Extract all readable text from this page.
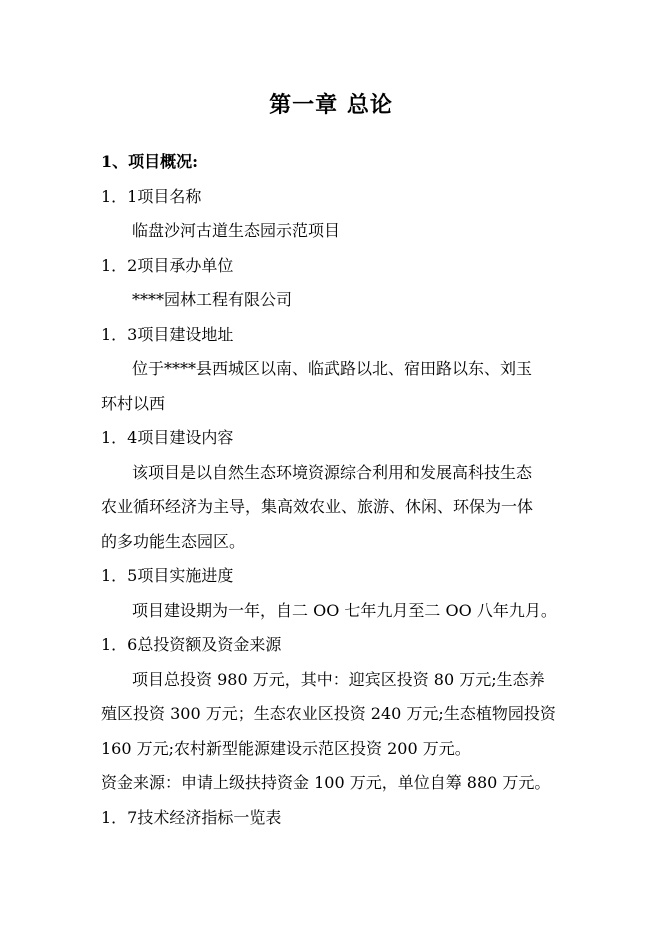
第一章 总论
1、项目概况:
1．1项目名称
临盘沙河古道生态园示范项目
1．2项目承办单位
****园林工程有限公司
1．3项目建设地址
位于****县西城区以南、临武路以北、宿田路以东、刘玉
环村以西
1．4项目建设内容
该项目是以自然生态环境资源综合利用和发展高科技生态
农业循环经济为主导，集高效农业、旅游、休闲、环保为一体
的多功能生态园区。
1．5项目实施进度
项目建设期为一年，自二 OO 七年九月至二 OO 八年九月。
1．6总投资额及资金来源
项目总投资 980 万元，其中：迎宾区投资 80 万元;生态养
殖区投资 300 万元；生态农业区投资 240 万元;生态植物园投资
160 万元;农村新型能源建设示范区投资 200 万元。
资金来源：申请上级扶持资金 100 万元，单位自筹 880 万元。
1．7技术经济指标一览表
